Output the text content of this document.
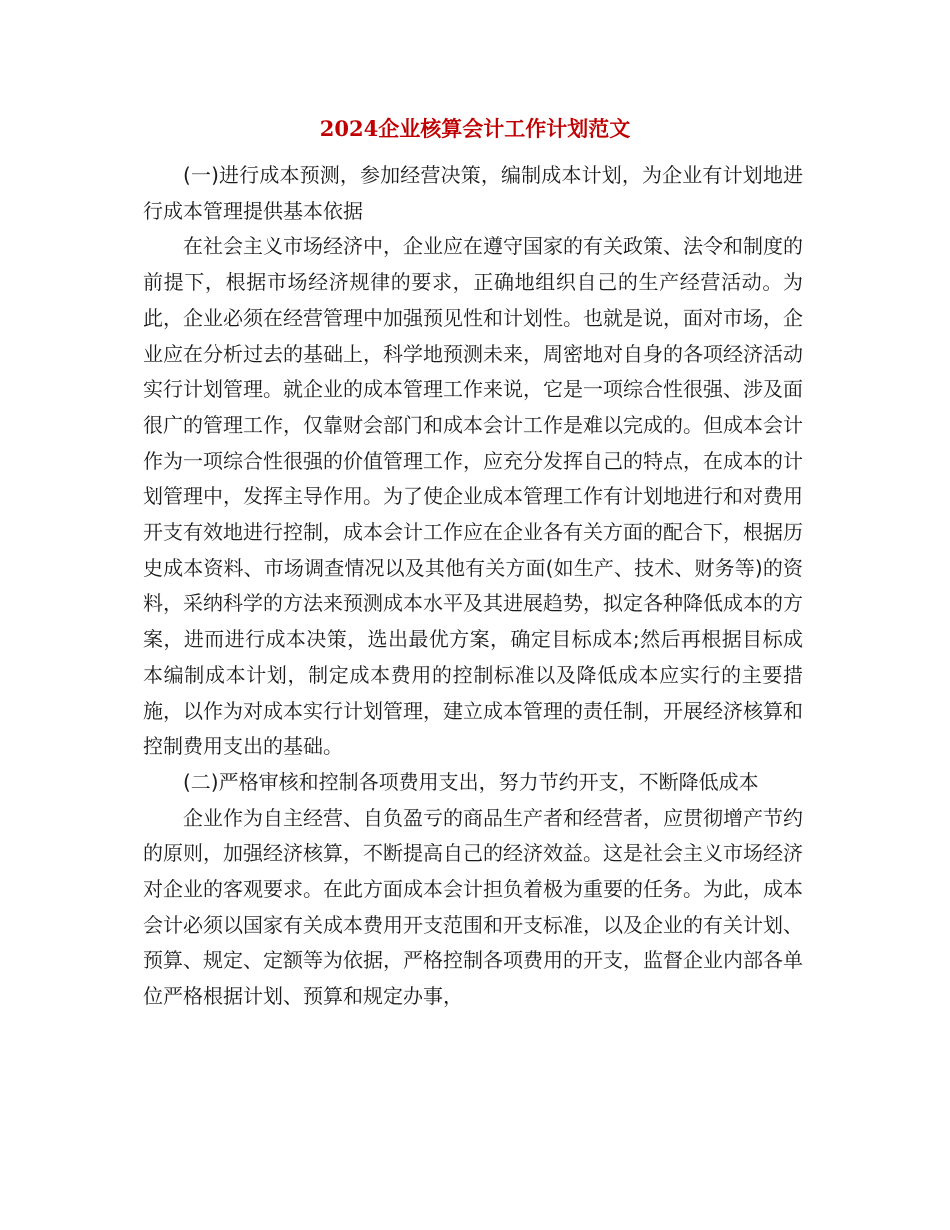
2024企业核算会计工作计划范文

(一)进行成本预测，参加经营决策，编制成本计划，为企业有计划地进行成本管理提供基本依据

在社会主义市场经济中，企业应在遵守国家的有关政策、法令和制度的前提下，根据市场经济规律的要求，正确地组织自己的生产经营活动。为此，企业必须在经营管理中加强预见性和计划性。也就是说，面对市场，企业应在分析过去的基础上，科学地预测未来，周密地对自身的各项经济活动实行计划管理。就企业的成本管理工作来说，它是一项综合性很强、涉及面很广的管理工作，仅靠财会部门和成本会计工作是难以完成的。但成本会计作为一项综合性很强的价值管理工作，应充分发挥自己的特点，在成本的计划管理中，发挥主导作用。为了使企业成本管理工作有计划地进行和对费用开支有效地进行控制，成本会计工作应在企业各有关方面的配合下，根据历史成本资料、市场调查情况以及其他有关方面(如生产、技术、财务等)的资料，采纳科学的方法来预测成本水平及其进展趋势，拟定各种降低成本的方案，进而进行成本决策，选出最优方案，确定目标成本;然后再根据目标成本编制成本计划，制定成本费用的控制标准以及降低成本应实行的主要措施，以作为对成本实行计划管理，建立成本管理的责任制，开展经济核算和控制费用支出的基础。

(二)严格审核和控制各项费用支出，努力节约开支，不断降低成本

企业作为自主经营、自负盈亏的商品生产者和经营者，应贯彻增产节约的原则，加强经济核算，不断提高自己的经济效益。这是社会主义市场经济对企业的客观要求。在此方面成本会计担负着极为重要的任务。为此，成本会计必须以国家有关成本费用开支范围和开支标准，以及企业的有关计划、预算、规定、定额等为依据，严格控制各项费用的开支，监督企业内部各单位严格根据计划、预算和规定办事，
